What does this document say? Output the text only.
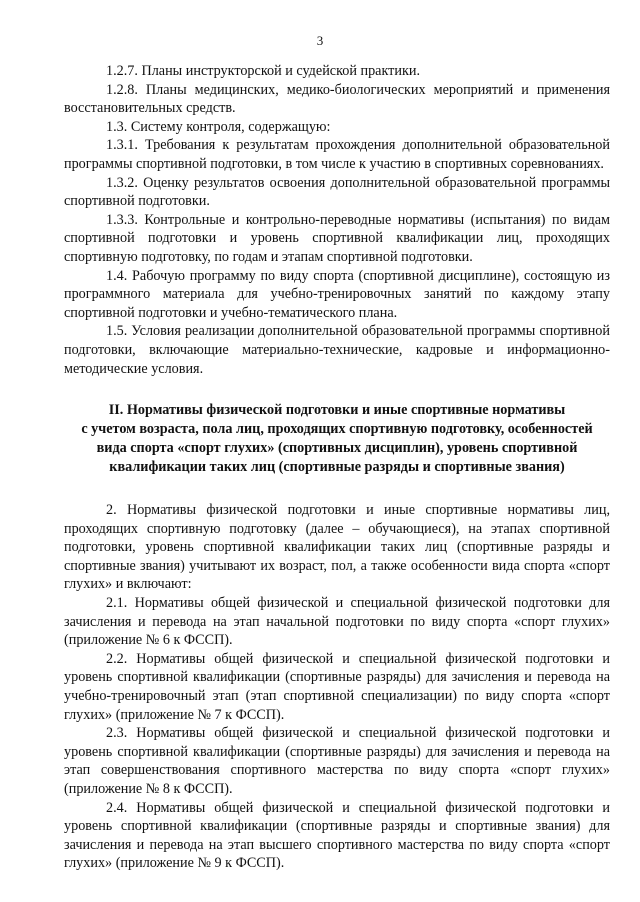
3

1.2.7. Планы инструкторской и судейской практики.

1.2.8. Планы медицинских, медико-биологических мероприятий и применения восстановительных средств.

1.3. Систему контроля, содержащую:

1.3.1. Требования к результатам прохождения дополнительной образовательной программы спортивной подготовки, в том числе к участию в спортивных соревнованиях.

1.3.2. Оценку результатов освоения дополнительной образовательной программы спортивной подготовки.

1.3.3. Контрольные и контрольно-переводные нормативы (испытания) по видам спортивной подготовки и уровень спортивной квалификации лиц, проходящих спортивную подготовку, по годам и этапам спортивной подготовки.

1.4. Рабочую программу по виду спорта (спортивной дисциплине), состоящую из программного материала для учебно-тренировочных занятий по каждому этапу спортивной подготовки и учебно-тематического плана.

1.5. Условия реализации дополнительной образовательной программы спортивной подготовки, включающие материально-технические, кадровые и информационно-методические условия.

II. Нормативы физической подготовки и иные спортивные нормативы
с учетом возраста, пола лиц, проходящих спортивную подготовку, особенностей
вида спорта «спорт глухих» (спортивных дисциплин), уровень спортивной
квалификации таких лиц (спортивные разряды и спортивные звания)

2. Нормативы физической подготовки и иные спортивные нормативы лиц, проходящих спортивную подготовку (далее – обучающиеся), на этапах спортивной подготовки, уровень спортивной квалификации таких лиц (спортивные разряды и спортивные звания) учитывают их возраст, пол, а также особенности вида спорта «спорт глухих» и включают:

2.1. Нормативы общей физической и специальной физической подготовки для зачисления и перевода на этап начальной подготовки по виду спорта «спорт глухих» (приложение № 6 к ФССП).

2.2. Нормативы общей физической и специальной физической подготовки и уровень спортивной квалификации (спортивные разряды) для зачисления и перевода на учебно-тренировочный этап (этап спортивной специализации) по виду спорта «спорт глухих» (приложение № 7 к ФССП).

2.3. Нормативы общей физической и специальной физической подготовки и уровень спортивной квалификации (спортивные разряды) для зачисления и перевода на этап совершенствования спортивного мастерства по виду спорта «спорт глухих» (приложение № 8 к ФССП).

2.4. Нормативы общей физической и специальной физической подготовки и уровень спортивной квалификации (спортивные разряды и спортивные звания) для зачисления и перевода на этап высшего спортивного мастерства по виду спорта «спорт глухих» (приложение № 9 к ФССП).
